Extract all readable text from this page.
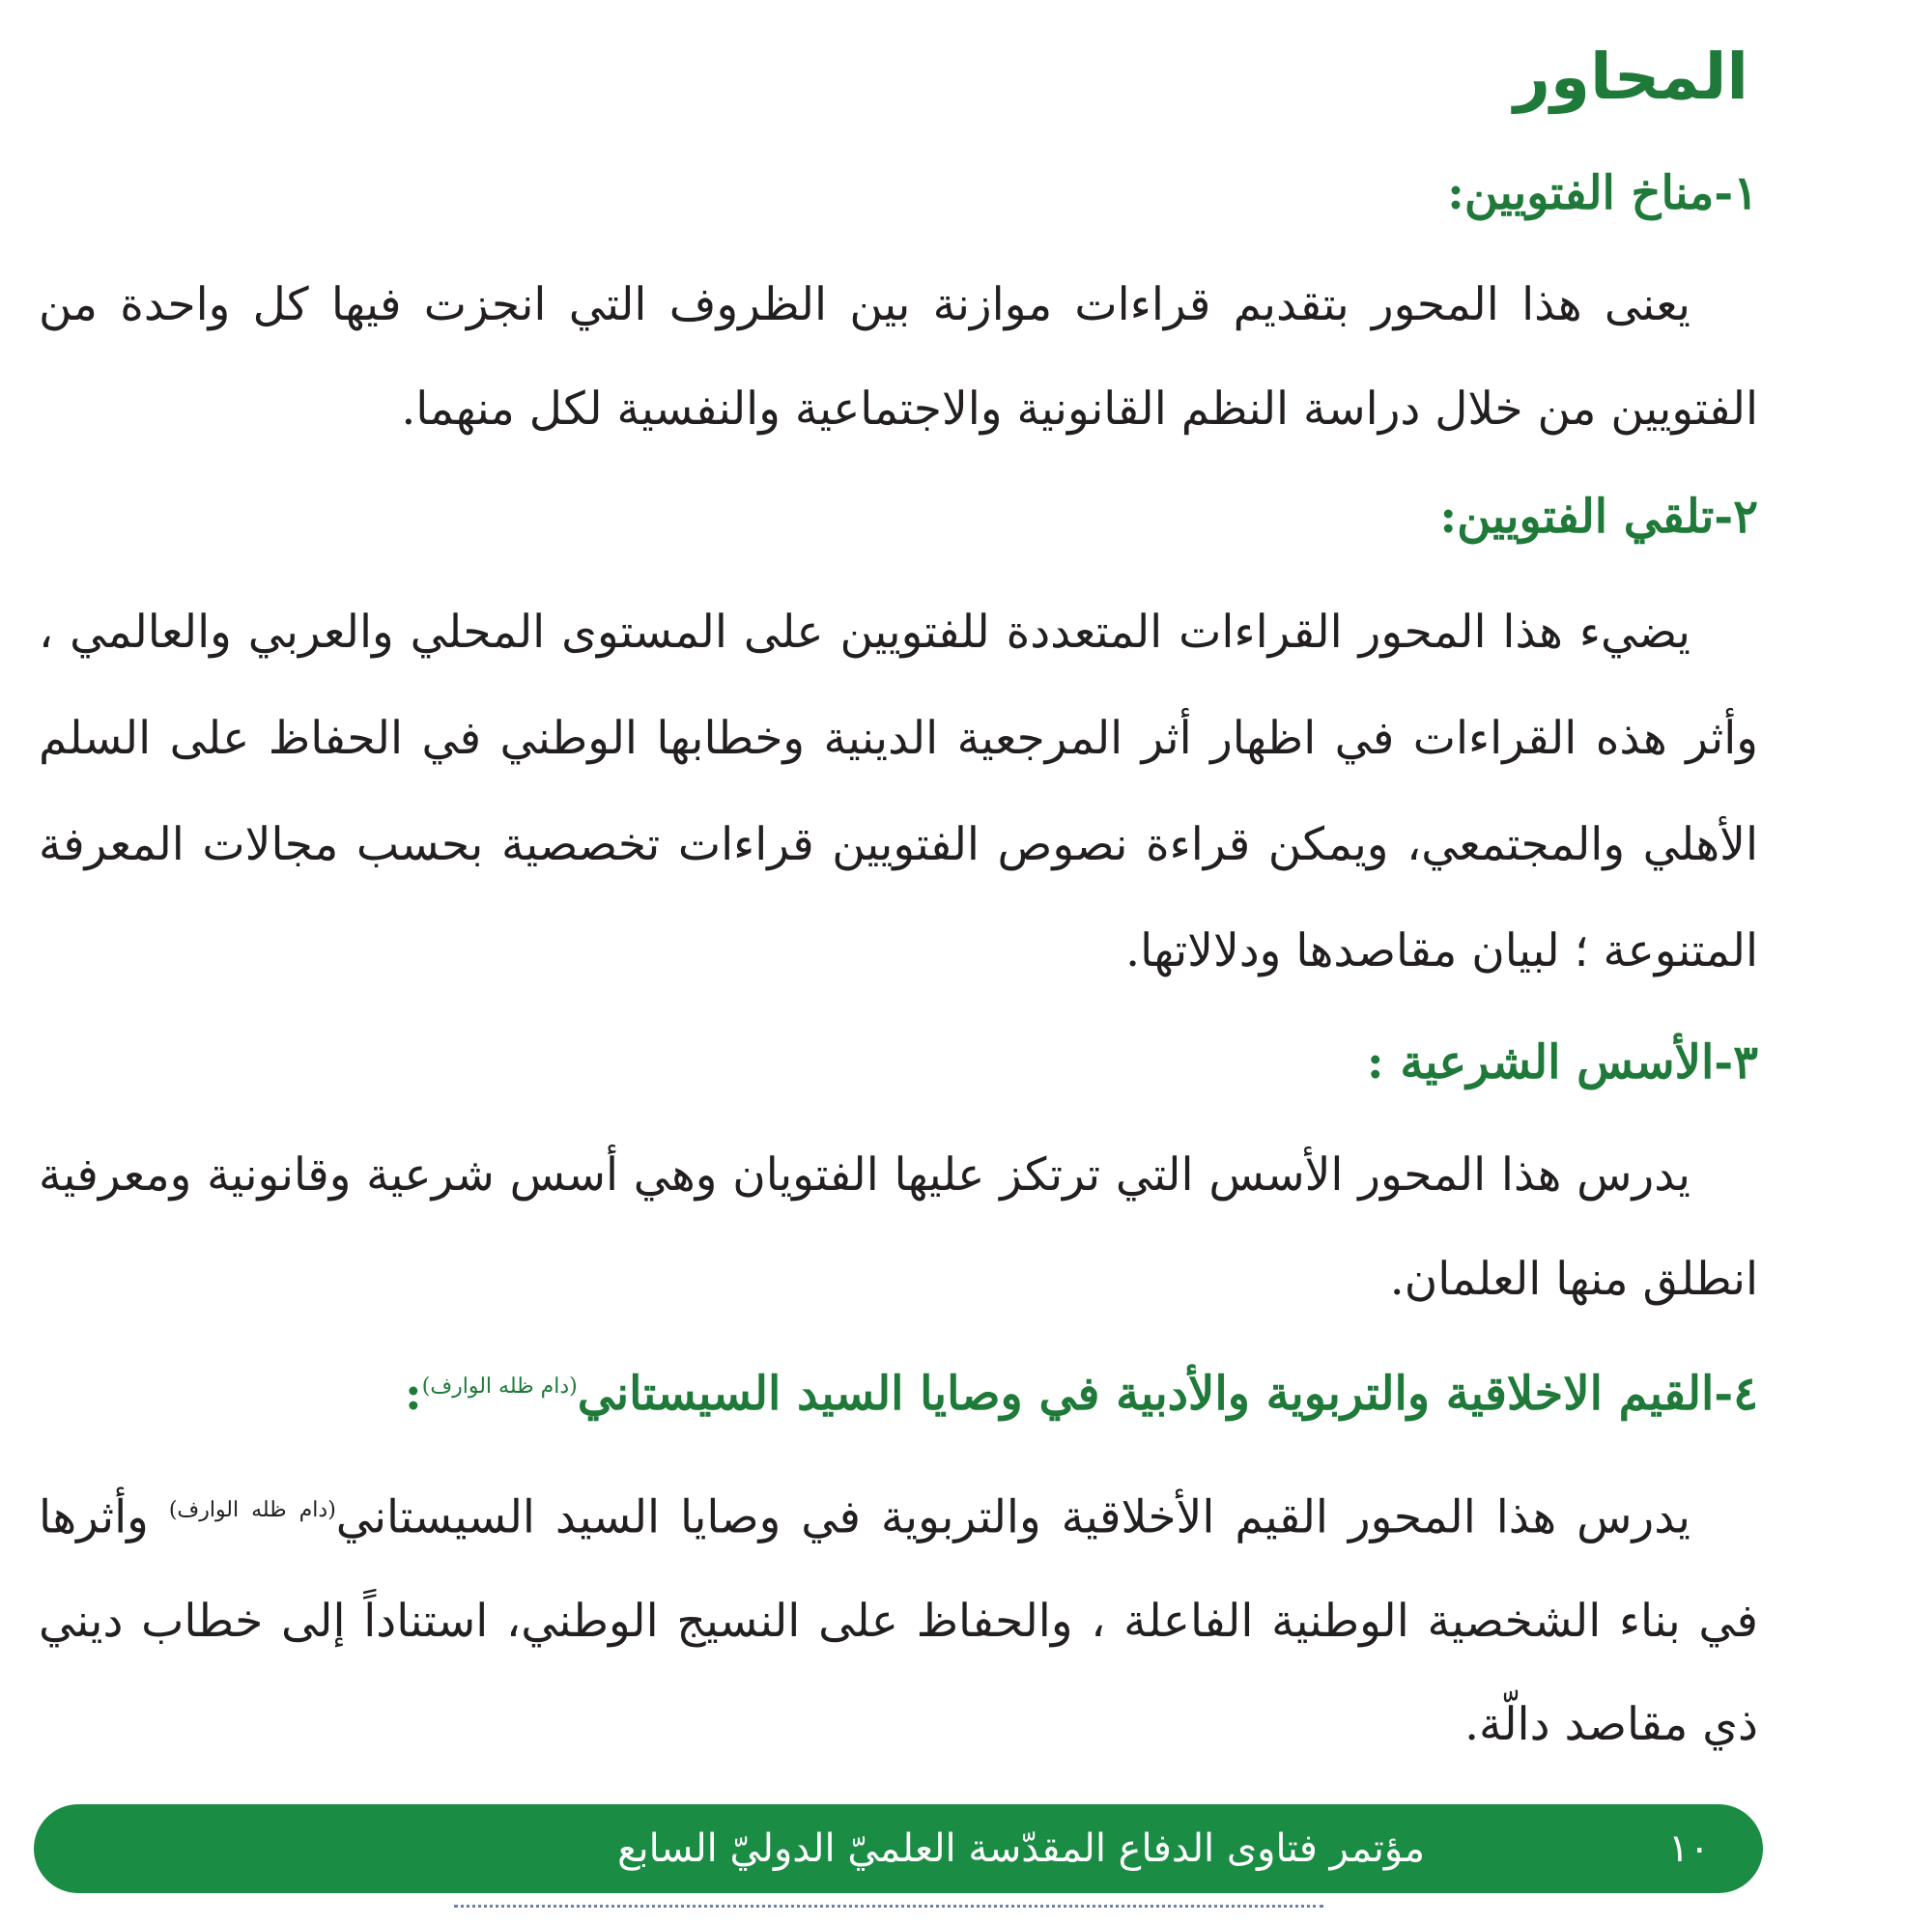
المحاور
١-مناخ الفتويين:

يعنى هذا المحور بتقديم قراءات موازنة بين الظروف التي انجزت فيها كل واحدة من الفتويين من خلال دراسة النظم القانونية والاجتماعية والنفسية لكل منهما.

٢-تلقي الفتويين:

يضيء هذا المحور القراءات المتعددة للفتويين على المستوى المحلي والعربي والعالمي ، وأثر هذه القراءات في اظهار أثر المرجعية الدينية وخطابها الوطني في الحفاظ على السلم الأهلي والمجتمعي، ويمكن قراءة نصوص الفتويين قراءات تخصصية بحسب مجالات المعرفة المتنوعة ؛ لبيان مقاصدها ودلالاتها.

٣-الأسس الشرعية :

يدرس هذا المحور الأسس التي ترتكز عليها الفتويان وهي أسس شرعية وقانونية ومعرفية انطلق منها العلمان.

٤-القيم الاخلاقية والتربوية والأدبية في وصايا السيد السيستاني$^{(دام ظله الوارف)}$:

يدرس هذا المحور القيم الأخلاقية والتربوية في وصايا السيد السيستاني$^{(دام ظله الوارف)}$ وأثرها في بناء الشخصية الوطنية الفاعلة ، والحفاظ على النسيج الوطني، استناداً إلى خطاب ديني ذي مقاصد دالّة.

١٠
مؤتمر فتاوى الدفاع المقدّسة العلميّ الدوليّ السابع
